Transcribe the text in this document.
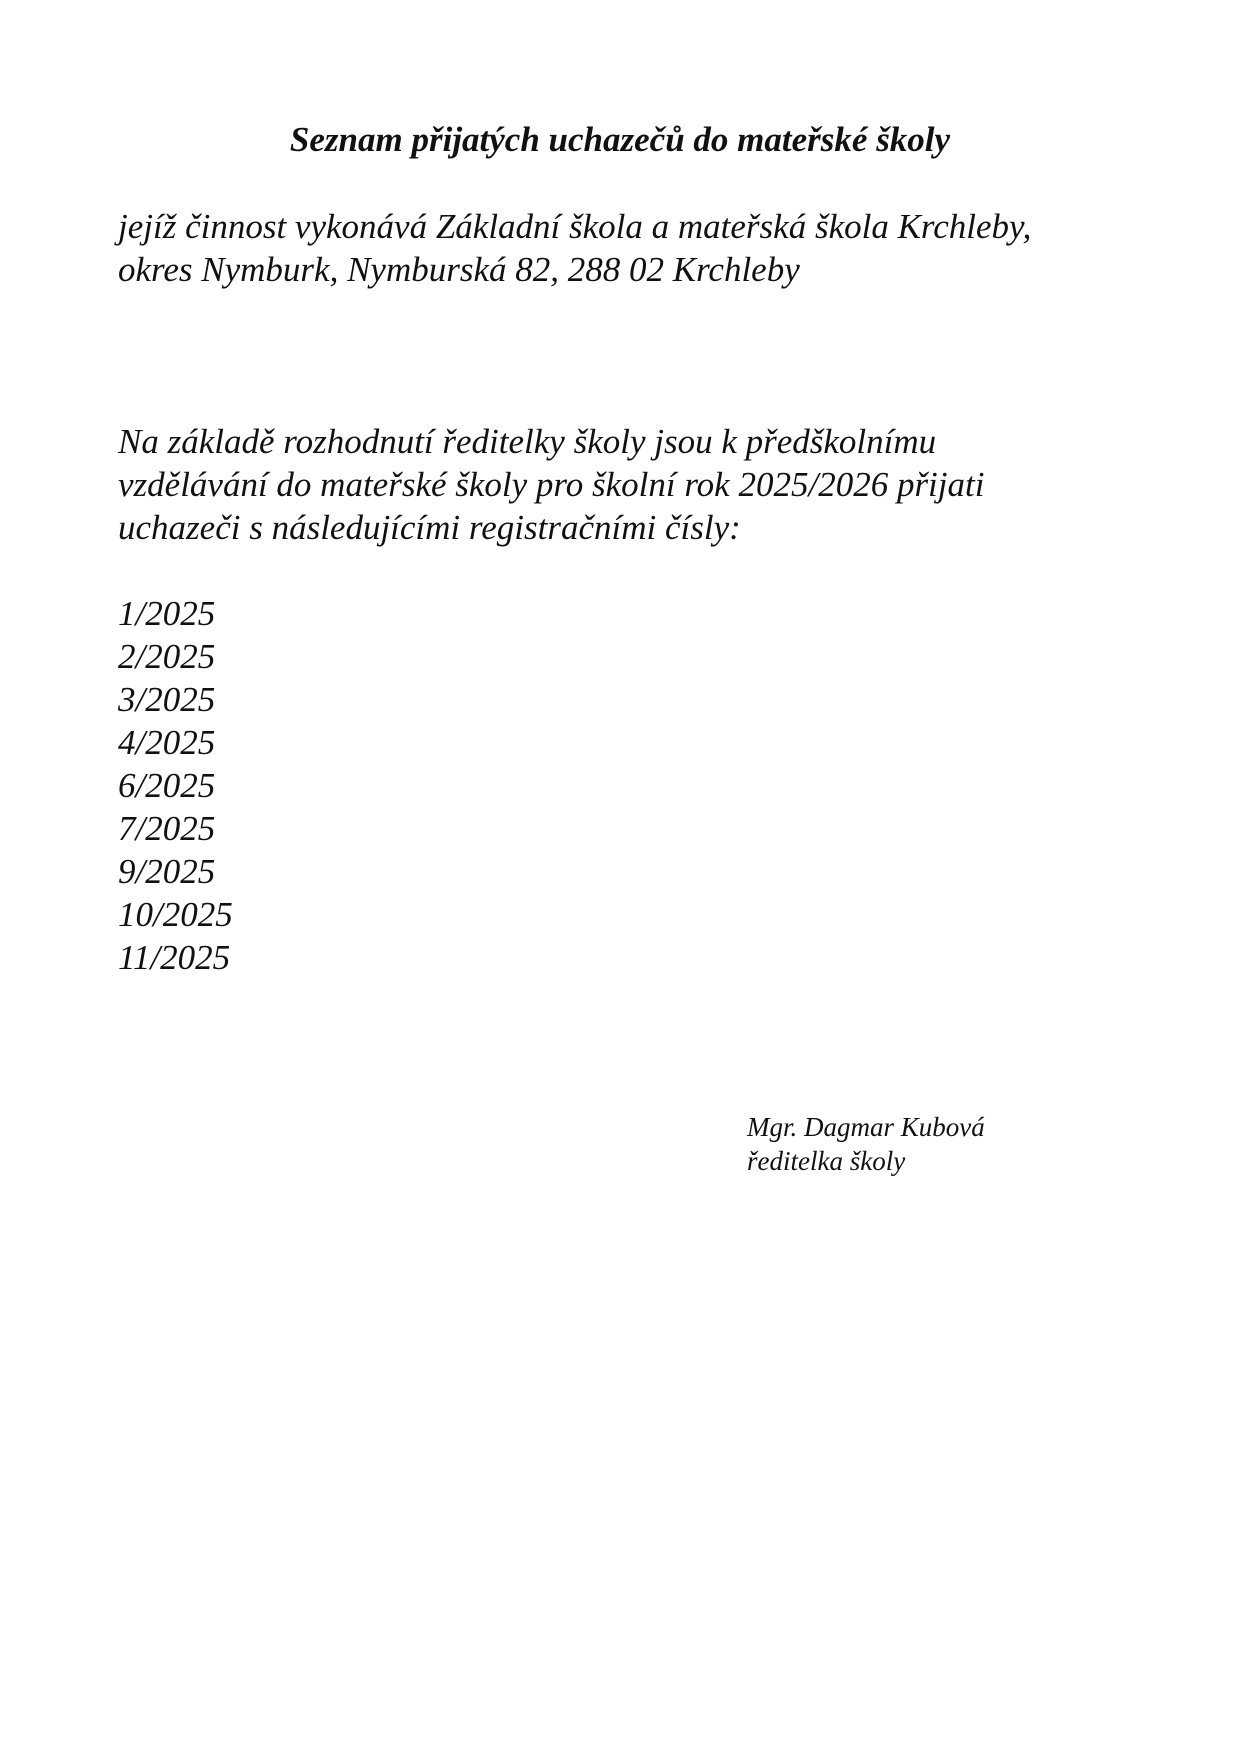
Seznam přijatých uchazečů do mateřské školy

jejíž činnost vykonává Základní škola a mateřská škola Krchleby,
okres Nymburk, Nymburská 82, 288 02 Krchleby

Na základě rozhodnutí ředitelky školy jsou k předškolnímu
vzdělávání do mateřské školy pro školní rok 2025/2026 přijati
uchazeči s následujícími registračními čísly:

1/2025
2/2025
3/2025
4/2025
6/2025
7/2025
9/2025
10/2025
11/2025

Mgr. Dagmar Kubová
ředitelka školy
